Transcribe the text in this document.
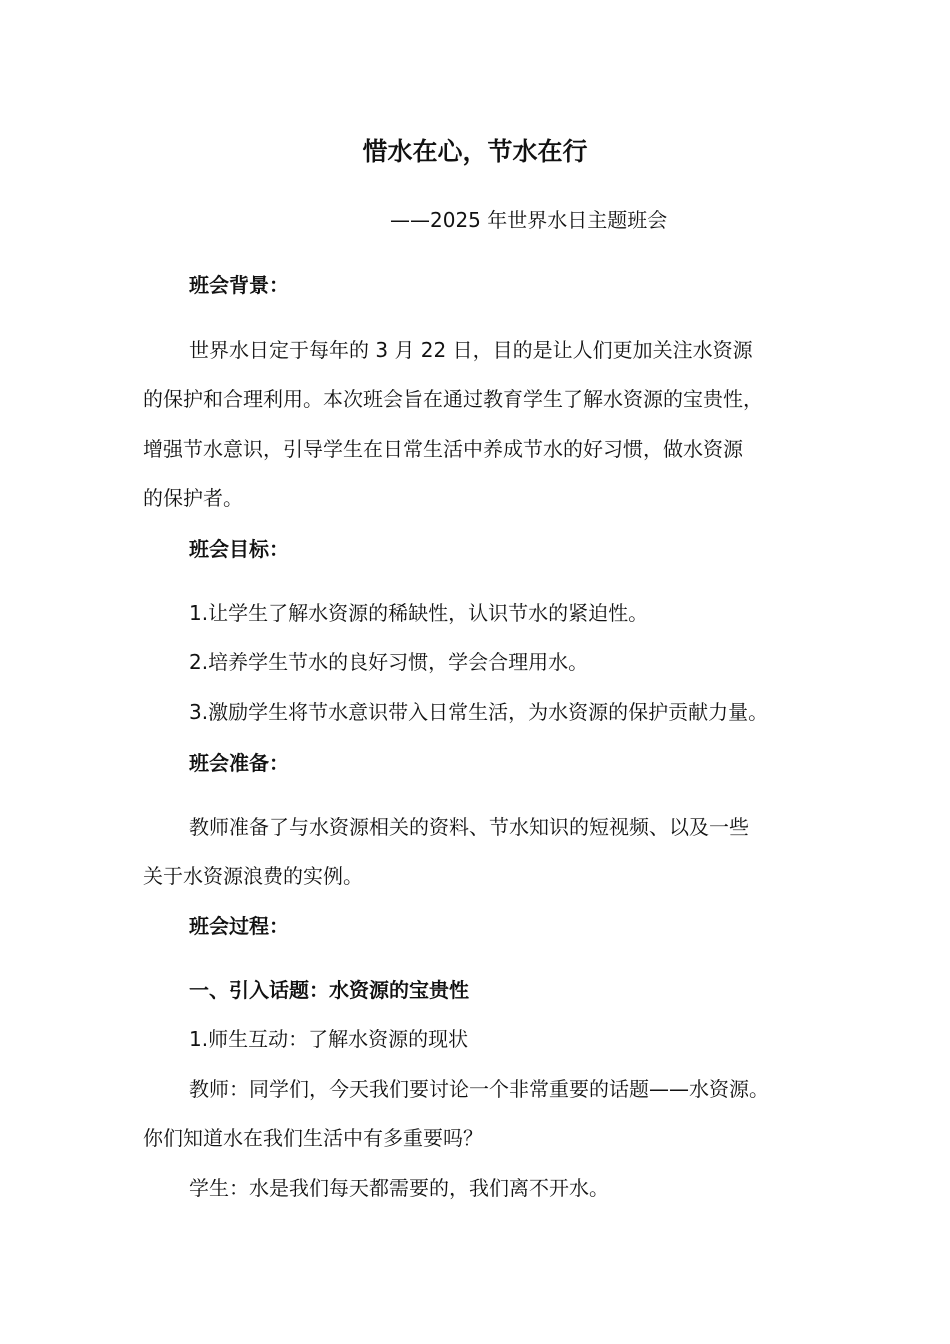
惜水在心，节水在行
——2025 年世界水日主题班会
班会背景：
世界水日定于每年的 3 月 22 日，目的是让人们更加关注水资源
的保护和合理利用。本次班会旨在通过教育学生了解水资源的宝贵性，
增强节水意识，引导学生在日常生活中养成节水的好习惯，做水资源
的保护者。
班会目标：
1.让学生了解水资源的稀缺性，认识节水的紧迫性。
2.培养学生节水的良好习惯，学会合理用水。
3.激励学生将节水意识带入日常生活，为水资源的保护贡献力量。
班会准备：
教师准备了与水资源相关的资料、节水知识的短视频、以及一些
关于水资源浪费的实例。
班会过程：
一、引入话题：水资源的宝贵性
1.师生互动：了解水资源的现状
教师：同学们，今天我们要讨论一个非常重要的话题——水资源。
你们知道水在我们生活中有多重要吗？
学生：水是我们每天都需要的，我们离不开水。
